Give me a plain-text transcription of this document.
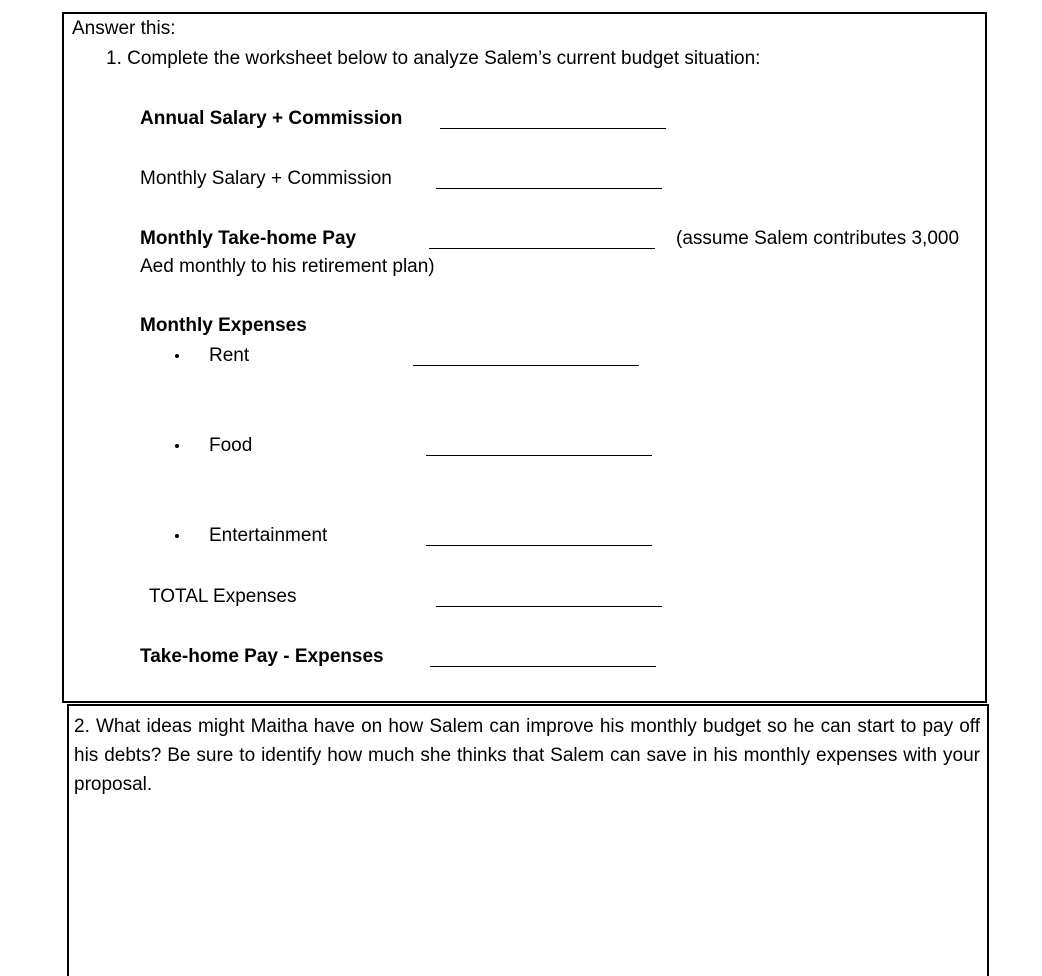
Answer this:
1. Complete the worksheet below to analyze Salem’s current budget situation:
Annual Salary + Commission
Monthly Salary + Commission
Monthly Take-home Pay	(assume Salem contributes 3,000
Aed monthly to his retirement plan)
Monthly Expenses
Rent
Food
Entertainment
TOTAL Expenses
Take-home Pay - Expenses
2. What ideas might Maitha have on how Salem can improve his monthly budget so he can start to pay off his debts? Be sure to identify how much she thinks that Salem can save in his monthly expenses with your proposal.
